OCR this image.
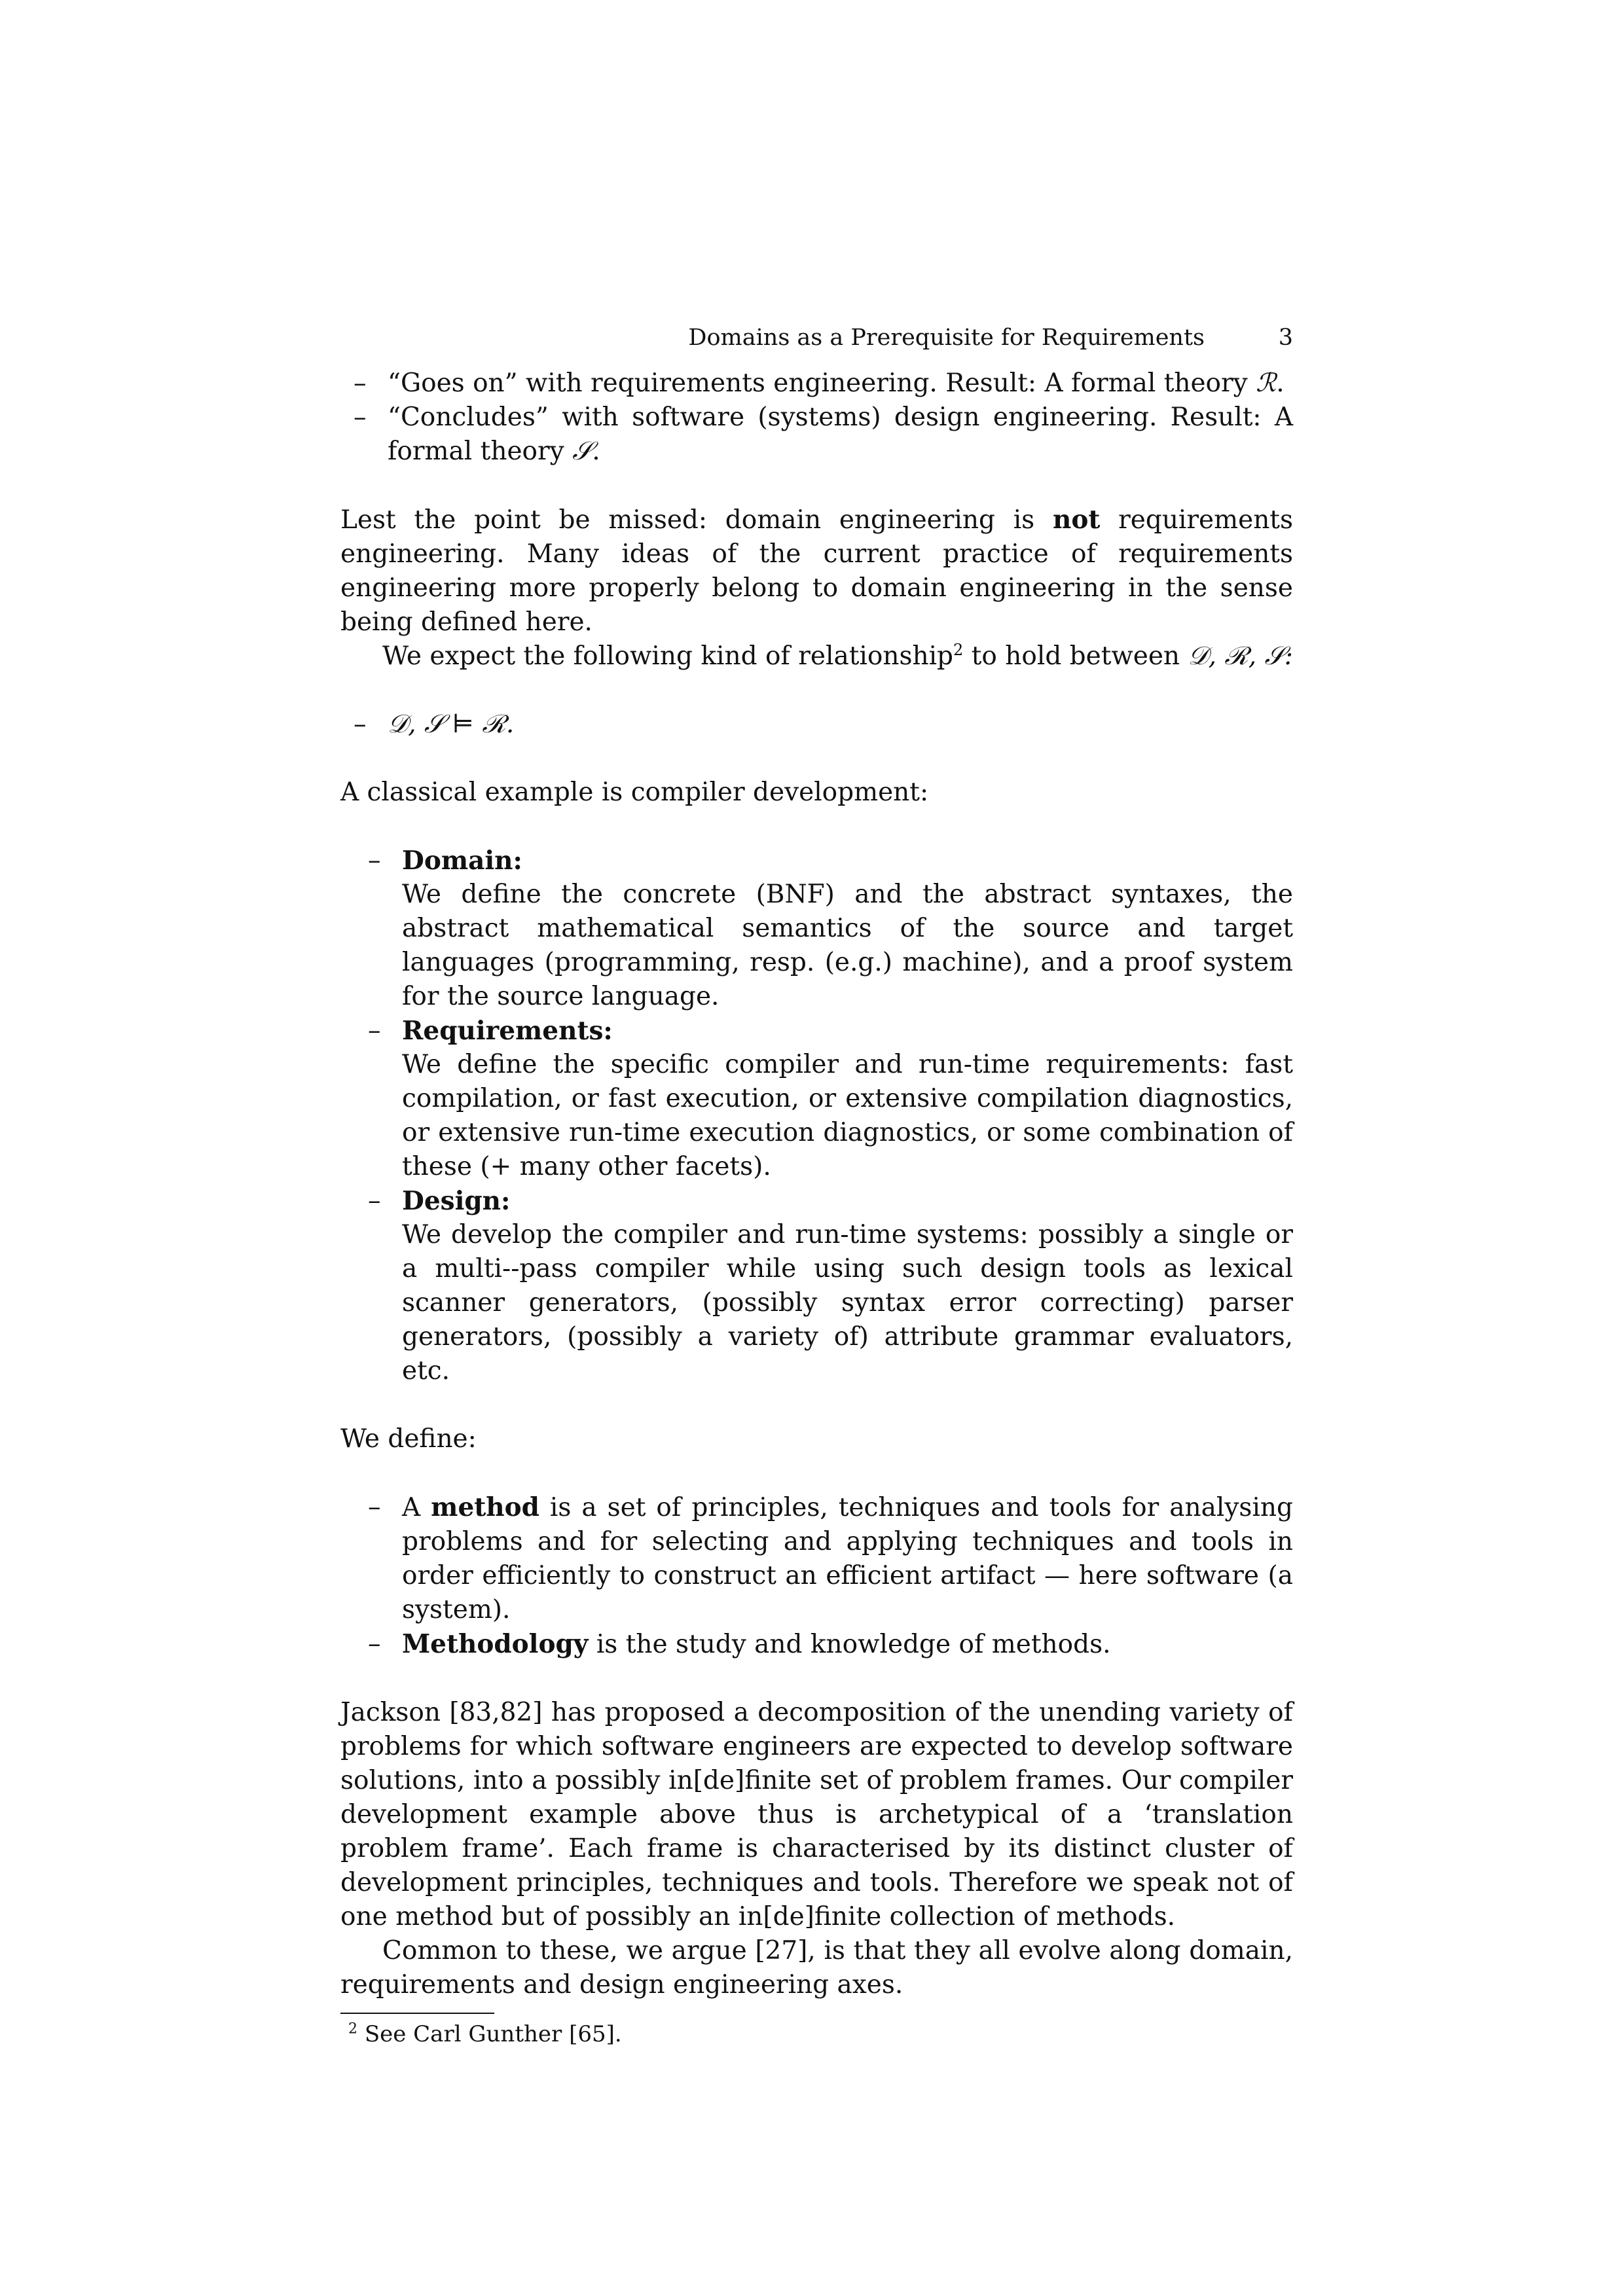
Domains as a Prerequisite for Requirements	3
– “Goes on” with requirements engineering. Result: A formal theory ℛ.
– “Concludes” with software (systems) design engineering. Result: A formal theory 𝒮.

Lest the point be missed: domain engineering is not requirements engineering. Many ideas of the current practice of requirements engineering more properly belong to domain engineering in the sense being defined here.

We expect the following kind of relationship$^2$ to hold between 𝒟, ℛ, 𝒮:

– 𝒟, 𝒮 ⊨ ℛ.

A classical example is compiler development:

– Domain:
We define the concrete (BNF) and the abstract syntaxes, the abstract mathematical semantics of the source and target languages (programming, resp. (e.g.) machine), and a proof system for the source language.
– Requirements:
We define the specific compiler and run-time requirements: fast compilation, or fast execution, or extensive compilation diagnostics, or extensive run-time execution diagnostics, or some combination of these (+ many other facets).
– Design:
We develop the compiler and run-time systems: possibly a single or a multi--pass compiler while using such design tools as lexical scanner generators, (possibly syntax error correcting) parser generators, (possibly a variety of) attribute grammar evaluators, etc.

We define:

– A method is a set of principles, techniques and tools for analysing problems and for selecting and applying techniques and tools in order efficiently to construct an efficient artifact — here software (a system).
– Methodology is the study and knowledge of methods.

Jackson [83,82] has proposed a decomposition of the unending variety of problems for which software engineers are expected to develop software solutions, into a possibly in[de]finite set of problem frames. Our compiler development example above thus is archetypical of a ‘translation problem frame’. Each frame is characterised by its distinct cluster of development principles, techniques and tools. Therefore we speak not of one method but of possibly an in[de]finite collection of methods.

Common to these, we argue [27], is that they all evolve along domain, requirements and design engineering axes.

$^2$ See Carl Gunther [65].
